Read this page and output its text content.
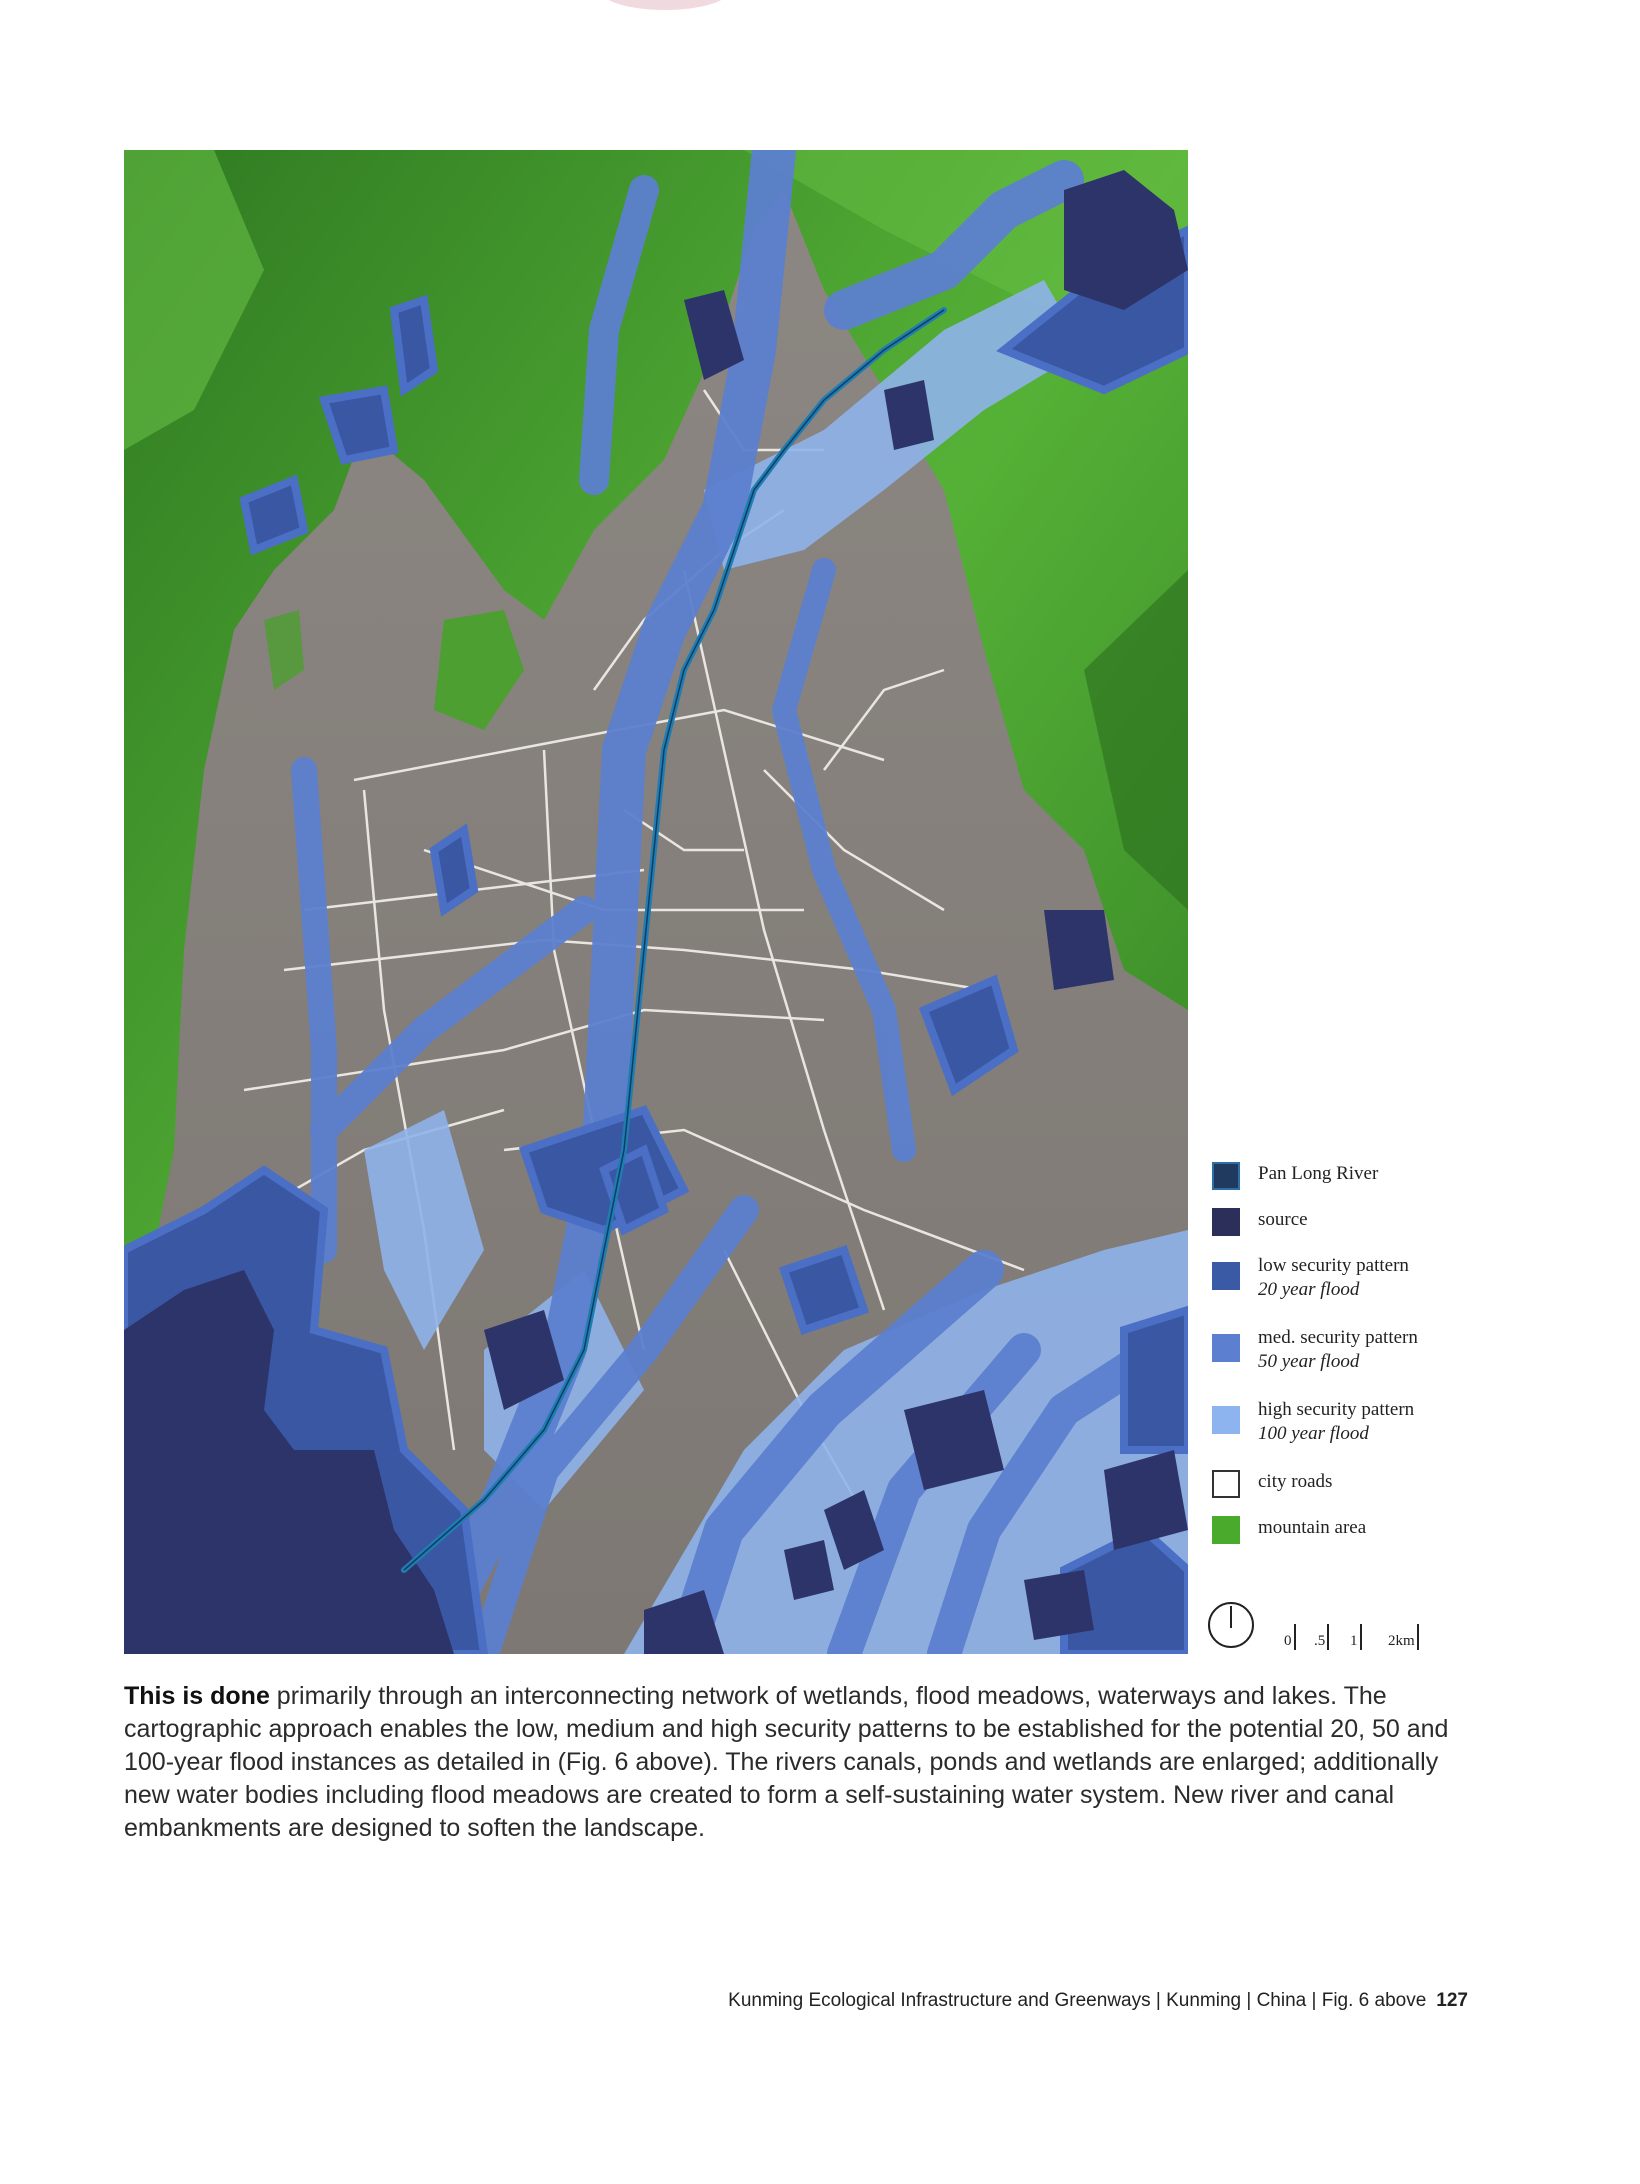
Pan Long River
source
low security pattern
20 year flood
med. security pattern
50 year flood
high security pattern
100 year flood
city roads
mountain area
0 .5 1 2km

This is done primarily through an interconnecting network of wetlands, flood meadows, waterways and lakes. The cartographic approach enables the low, medium and high security patterns to be established for the potential 20, 50 and 100-year flood instances as detailed in (Fig. 6 above). The rivers canals, ponds and wetlands are enlarged; additionally new water bodies including flood meadows are created to form a self-sustaining water system. New river and canal embankments are designed to soften the landscape.

Kunming Ecological Infrastructure and Greenways | Kunming | China | Fig. 6 above 127
